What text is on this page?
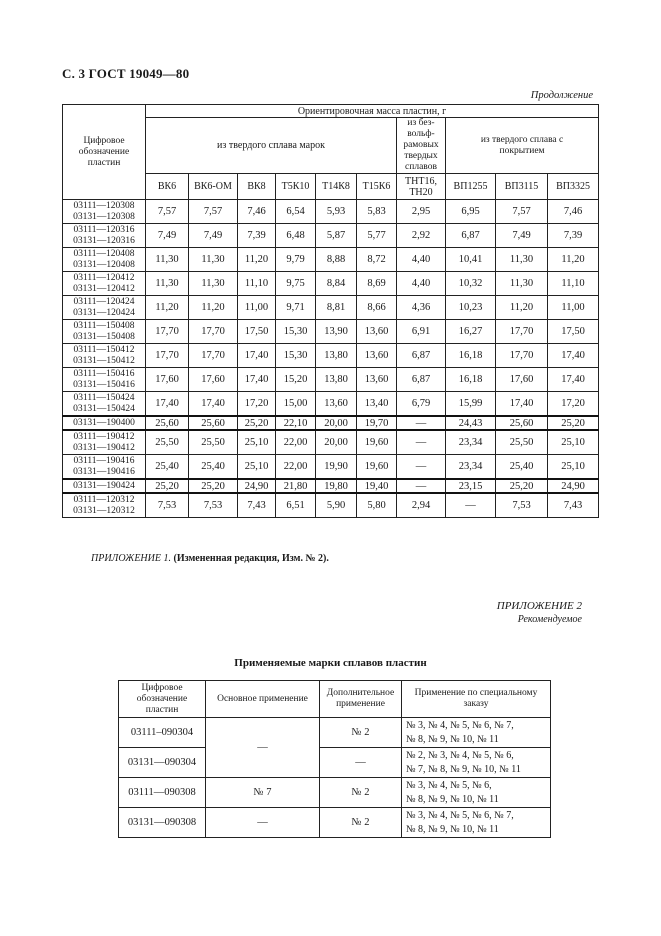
С. 3 ГОСТ 19049—80
Продолжение
Цифровое обозначение пластин	Ориентировочная масса пластин, г									
	из твердого сплава марок						из без-вольф-рамовых твердых сплавов	из твердого сплава с покрытием		
	ВК6	ВК6-ОМ	ВК8	Т5К10	Т14К8	Т15К6	ТНТ16, ТН20	ВП1255	ВП3115	ВП3325

03111—120308
03131—120308	7,57	7,57	7,46	6,54	5,93	5,83	2,95	6,95	7,57	7,46

03111—120316
03131—120316	7,49	7,49	7,39	6,48	5,87	5,77	2,92	6,87	7,49	7,39

03111—120408
03131—120408	11,30	11,30	11,20	9,79	8,88	8,72	4,40	10,41	11,30	11,20

03111—120412
03131—120412	11,30	11,30	11,10	9,75	8,84	8,69	4,40	10,32	11,30	11,10

03111—120424
03131—120424	11,20	11,20	11,00	9,71	8,81	8,66	4,36	10,23	11,20	11,00

03111—150408
03131—150408	17,70	17,70	17,50	15,30	13,90	13,60	6,91	16,27	17,70	17,50

03111—150412
03131—150412	17,70	17,70	17,40	15,30	13,80	13,60	6,87	16,18	17,70	17,40

03111—150416
03131—150416	17,60	17,60	17,40	15,20	13,80	13,60	6,87	16,18	17,60	17,40

03111—150424
03131—150424	17,40	17,40	17,20	15,00	13,60	13,40	6,79	15,99	17,40	17,20

03131—190400	25,60	25,60	25,20	22,10	20,00	19,70	—	24,43	25,60	25,20

03111—190412
03131—190412	25,50	25,50	25,10	22,00	20,00	19,60	—	23,34	25,50	25,10

03111—190416
03131—190416	25,40	25,40	25,10	22,00	19,90	19,60	—	23,34	25,40	25,10

03131—190424	25,20	25,20	24,90	21,80	19,80	19,40	—	23,15	25,20	24,90

03111—120312
03131—120312	7,53	7,53	7,43	6,51	5,90	5,80	2,94	—	7,53	7,43
ПРИЛОЖЕНИЕ 1. (Измененная редакция, Изм. № 2).
ПРИЛОЖЕНИЕ 2
Рекомендуемое
Применяемые марки сплавов пластин
Цифровое обозначение пластин	Основное применение	Дополнительное применение	Применение по специальному заказу
03111–090304	—	№ 2	№ 3, № 4, № 5, № 6, № 7,
№ 8, № 9, № 10, № 11

03131—090304		—	№ 2, № 3, № 4, № 5, № 6,
№ 7, № 8, № 9, № 10, № 11

03111—090308	№ 7	№ 2	№ 3, № 4, № 5, № 6,
№ 8, № 9, № 10, № 11

03131—090308	—	№ 2	№ 3, № 4, № 5, № 6, № 7,
№ 8, № 9, № 10, № 11
